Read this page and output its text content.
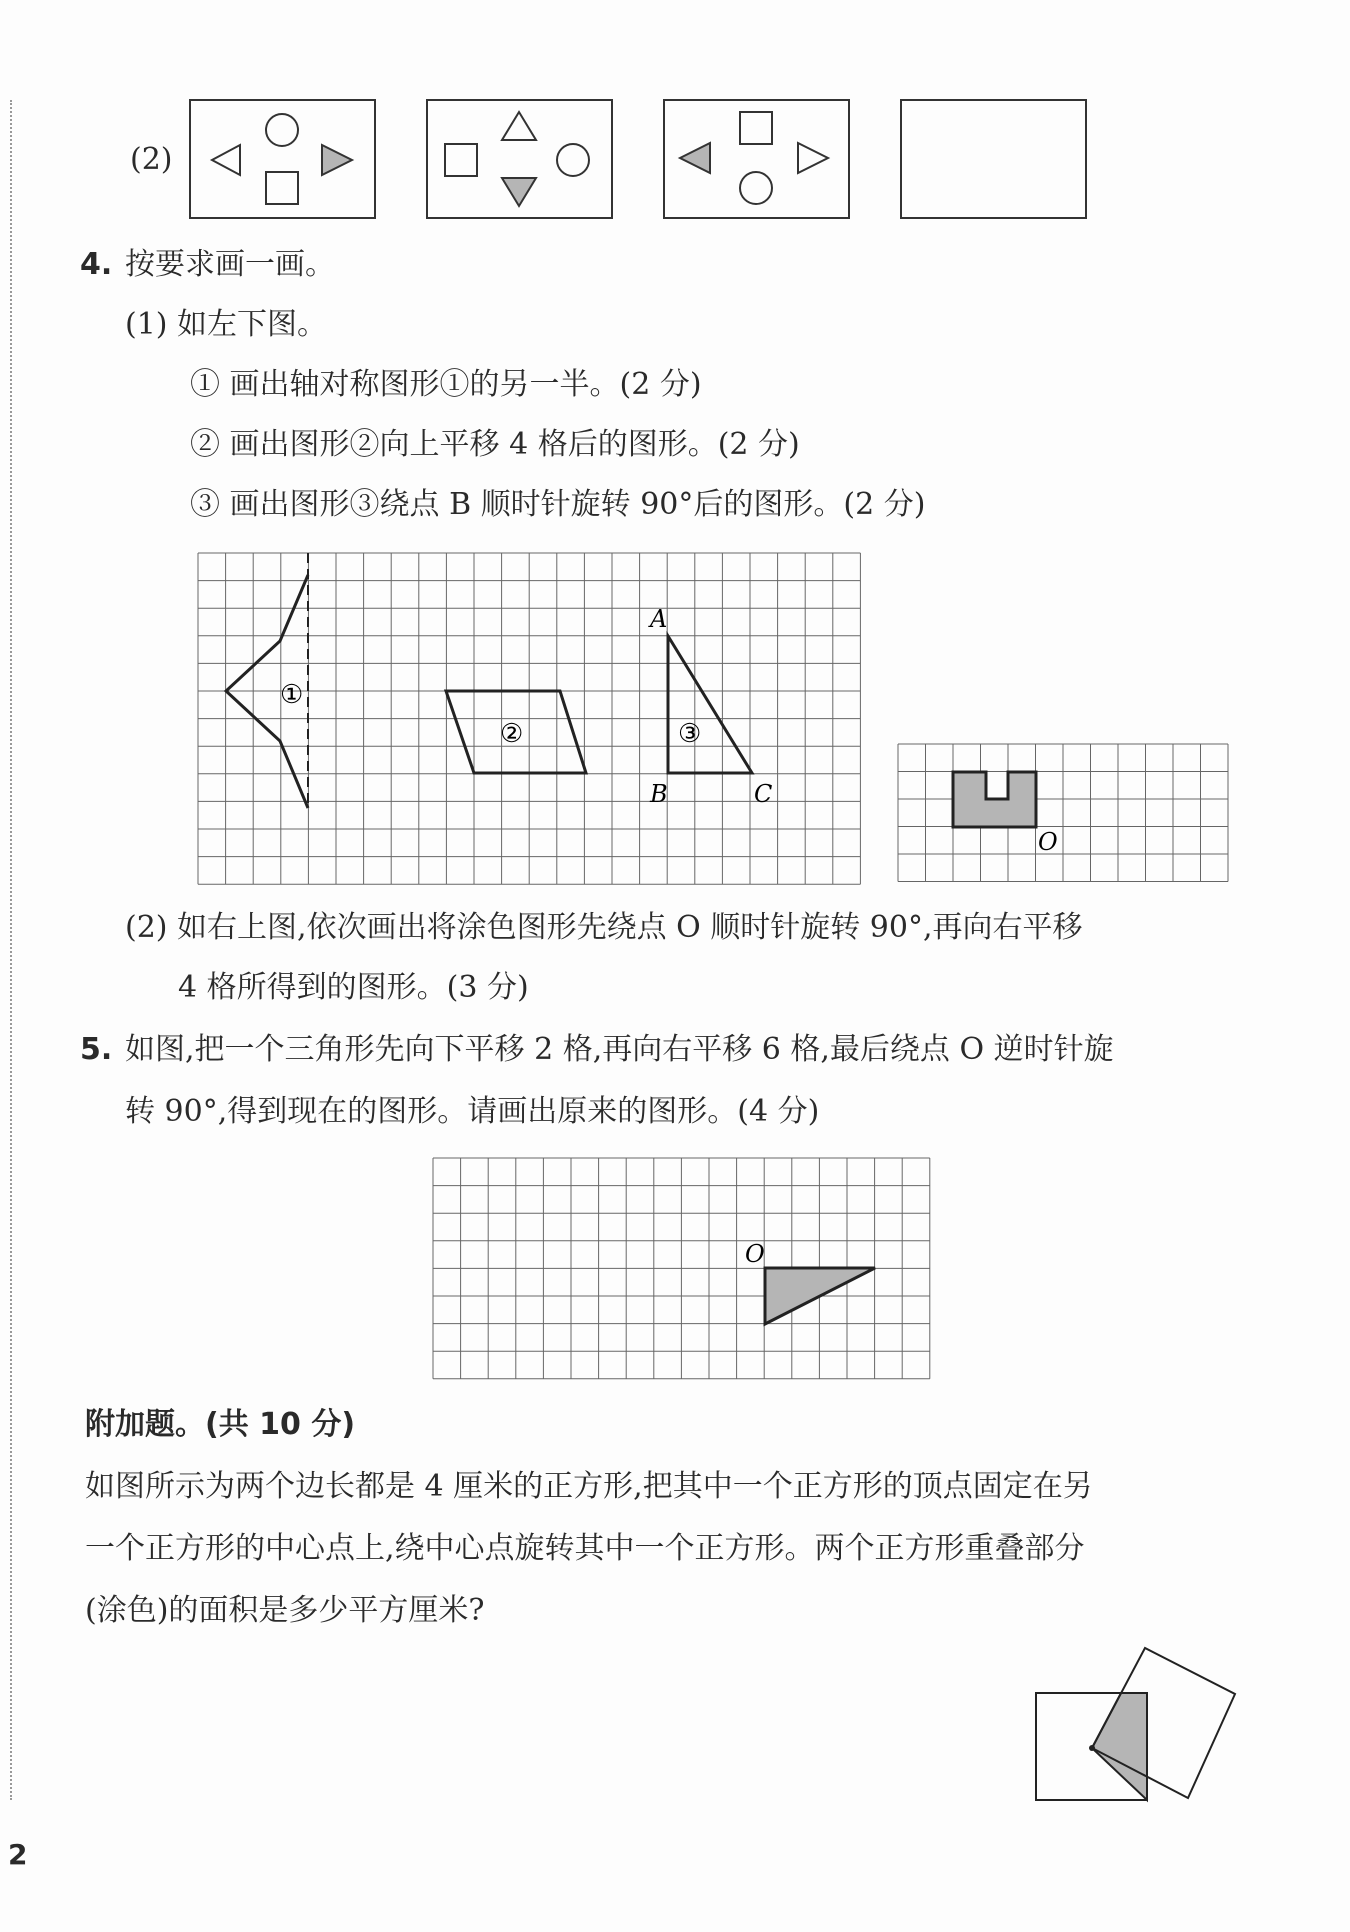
(2)
4. 按要求画一画。
(1) 如左下图。
① 画出轴对称图形①的另一半。(2 分)
② 画出图形②向上平移 4 格后的图形。(2 分)
③ 画出图形③绕点 B 顺时针旋转 90°后的图形。(2 分)
①
②	③
A
B	C
O
(2) 如右上图,依次画出将涂色图形先绕点 O 顺时针旋转 90°,再向右平移
4 格所得到的图形。(3 分)
5. 如图,把一个三角形先向下平移 2 格,再向右平移 6 格,最后绕点 O 逆时针旋
转 90°,得到现在的图形。请画出原来的图形。(4 分)
O
附加题。(共 10 分)
如图所示为两个边长都是 4 厘米的正方形,把其中一个正方形的顶点固定在另
一个正方形的中心点上,绕中心点旋转其中一个正方形。两个正方形重叠部分
(涂色)的面积是多少平方厘米?
2
